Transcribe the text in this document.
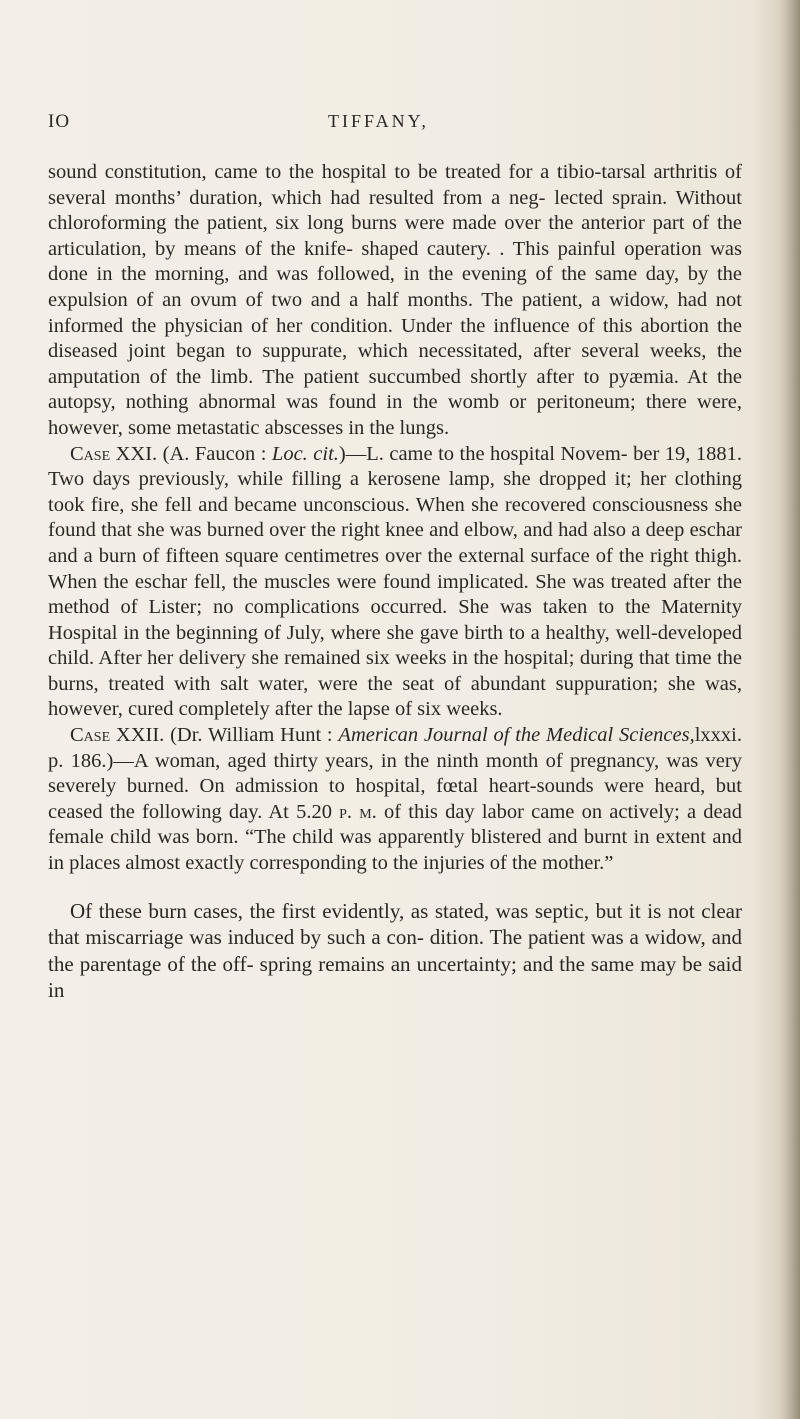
IO	TIFFANY,

sound constitution, came to the hospital to be treated for a tibio-tarsal arthritis of several months’ duration, which had resulted from a neg- lected sprain. Without chloroforming the patient, six long burns were made over the anterior part of the articulation, by means of the knife- shaped cautery. . This painful operation was done in the morning, and was followed, in the evening of the same day, by the expulsion of an ovum of two and a half months. The patient, a widow, had not informed the physician of her condition. Under the influence of this abortion the diseased joint began to suppurate, which necessitated, after several weeks, the amputation of the limb. The patient succumbed shortly after to pyæmia. At the autopsy, nothing abnormal was found in the womb or peritoneum; there were, however, some metastatic abscesses in the lungs.

Case XXI. (A. Faucon : Loc. cit.)—L. came to the hospital Novem- ber 19, 1881. Two days previously, while filling a kerosene lamp, she dropped it; her clothing took fire, she fell and became unconscious. When she recovered consciousness she found that she was burned over the right knee and elbow, and had also a deep eschar and a burn of fifteen square centimetres over the external surface of the right thigh. When the eschar fell, the muscles were found implicated. She was treated after the method of Lister; no complications occurred. She was taken to the Maternity Hospital in the beginning of July, where she gave birth to a healthy, well-developed child. After her delivery she remained six weeks in the hospital; during that time the burns, treated with salt water, were the seat of abundant suppuration; she was, however, cured completely after the lapse of six weeks.

Case XXII. (Dr. William Hunt : American Journal of the Medical Sciences,lxxxi. p. 186.)—A woman, aged thirty years, in the ninth month of pregnancy, was very severely burned. On admission to hospital, fœtal heart-sounds were heard, but ceased the following day. At 5.20 p. m. of this day labor came on actively; a dead female child was born. “The child was apparently blistered and burnt in extent and in places almost exactly corresponding to the injuries of the mother.”

Of these burn cases, the first evidently, as stated, was septic, but it is not clear that miscarriage was induced by such a con- dition. The patient was a widow, and the parentage of the off- spring remains an uncertainty; and the same may be said in
